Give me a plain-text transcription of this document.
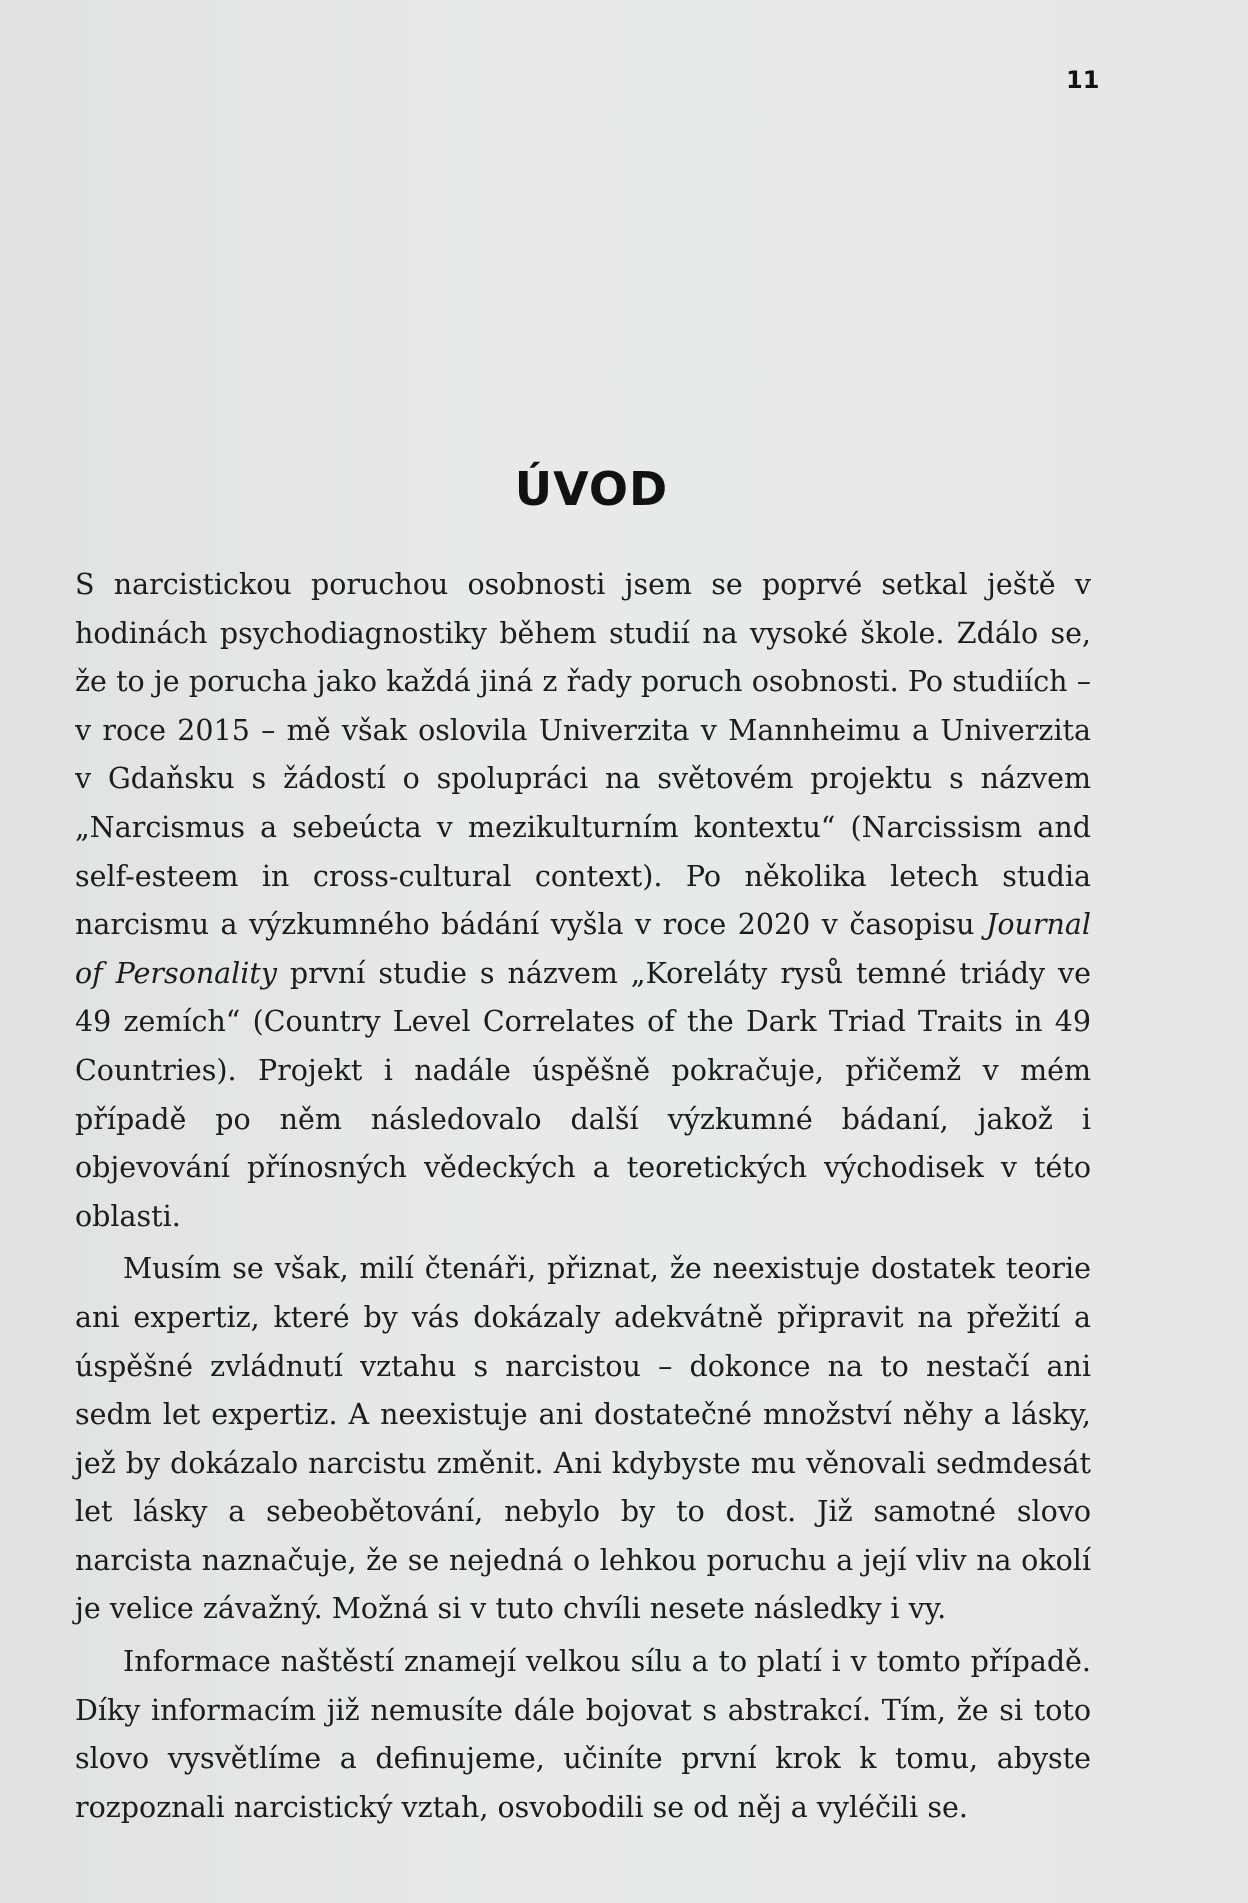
11
ÚVOD

S narcistickou poruchou osobnosti jsem se poprvé setkal ještě v hodinách psychodiagnostiky během studií na vysoké škole. Zdálo se, že to je porucha jako každá jiná z řady poruch osobnosti. Po studiích – v roce 2015 – mě však oslovila Univerzita v Mannheimu a Univerzita v Gdaňsku s žádostí o spolupráci na světovém projektu s názvem „Narcismus a sebeúcta v mezikulturním kontextu“ (Narcissism and self-esteem in cross-cultural context). Po několika letech studia narcismu a výzkumného bádání vyšla v roce 2020 v časopisu Journal of Personality první studie s názvem „Koreláty rysů temné triády ve 49 zemích“ (Country Level Correlates of the Dark Triad Traits in 49 Countries). Projekt i nadále úspěšně pokračuje, přičemž v mém případě po něm následovalo další výzkumné bádaní, jakož i objevování přínosných vědeckých a teoretických východisek v této oblasti.

Musím se však, milí čtenáři, přiznat, že neexistuje dostatek teorie ani expertiz, které by vás dokázaly adekvátně připravit na přežití a úspěšné zvládnutí vztahu s narcistou – dokonce na to nestačí ani sedm let expertiz. A neexistuje ani dostatečné množství něhy a lásky, jež by dokázalo narcistu změnit. Ani kdybyste mu věnovali sedmdesát let lásky a sebeobětování, nebylo by to dost. Již samotné slovo narcista naznačuje, že se nejedná o lehkou poruchu a její vliv na okolí je velice závažný. Možná si v tuto chvíli nesete následky i vy.

Informace naštěstí znamejí velkou sílu a to platí i v tomto případě. Díky informacím již nemusíte dále bojovat s abstrakcí. Tím, že si toto slovo vysvětlíme a definujeme, učiníte první krok k tomu, abyste rozpoznali narcistický vztah, osvobodili se od něj a vyléčili se.
